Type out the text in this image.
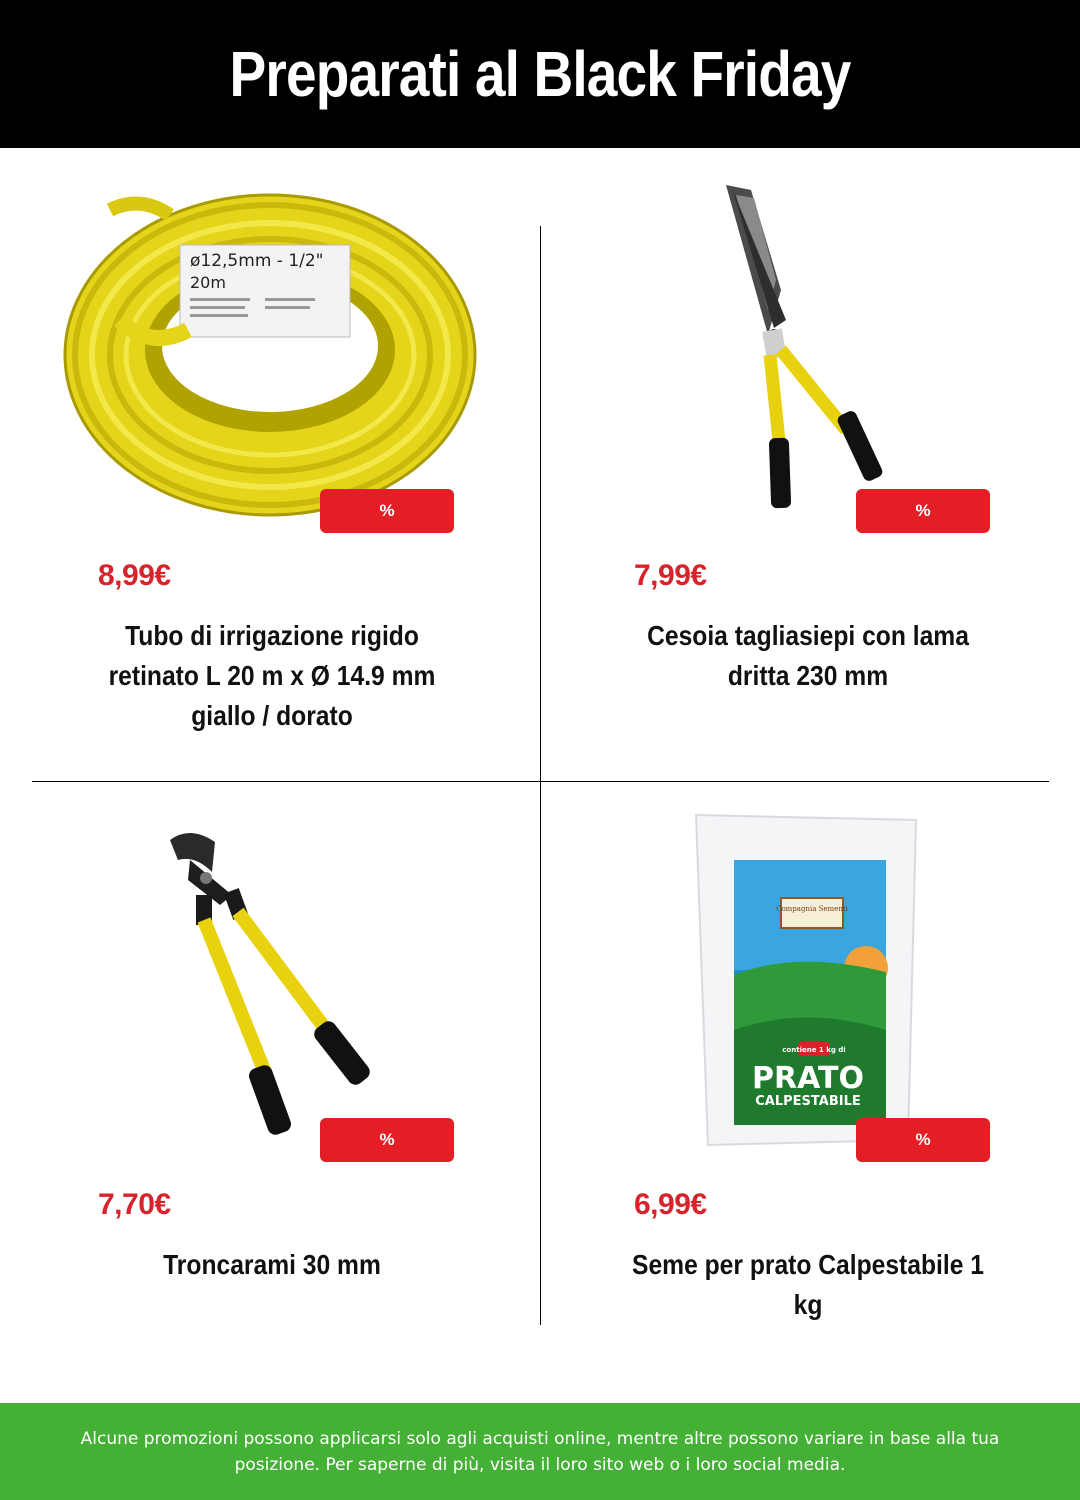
Preparati al Black Friday
ø12,5mm - 1/2"
20m
%
8,99€
Tubo di irrigazione rigido retinato L 20 m x Ø 14.9 mm giallo / dorato
%
7,99€
Cesoia tagliasiepi con lama dritta 230 mm
%
7,70€
Troncarami 30 mm
Compagnia Sementi
contiene 1 kg di
PRATO
CALPESTABILE
%
6,99€
Seme per prato Calpestabile 1 kg

Alcune promozioni possono applicarsi solo agli acquisti online, mentre altre possono variare in base alla tua posizione. Per saperne di più, visita il loro sito web o i loro social media.
